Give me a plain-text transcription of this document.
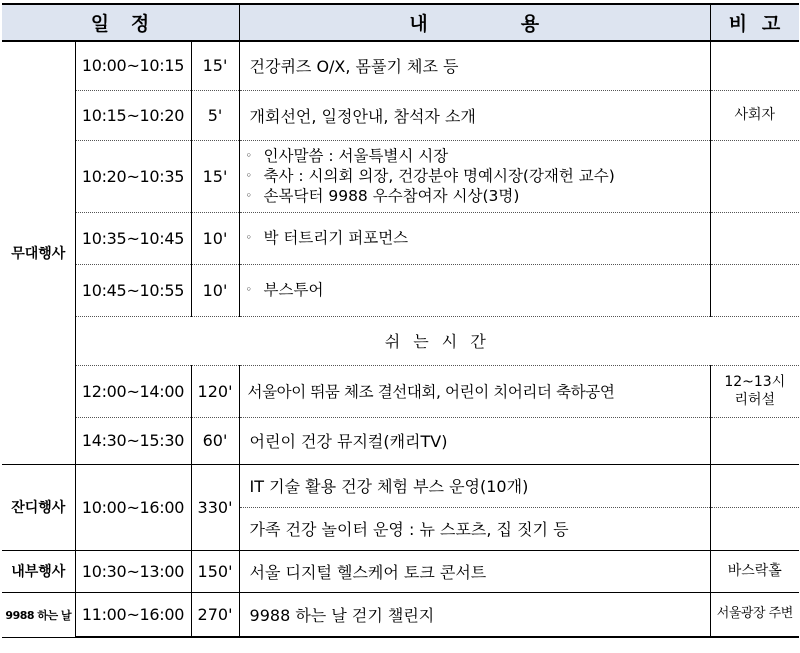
일   정			내             용	비  고
무대행사	10:00~10:15	15'	건강퀴즈 O/X, 몸풀기 체조 등	
	10:15~10:20	5'	개회선언, 일정안내, 참석자 소개	사회자
	10:20~10:35	15'	◦ 인사말씀 : 서울특별시 시장
◦ 축사 : 시의회 의장, 건강분야 명예시장(강재헌 교수)
◦ 손목닥터 9988 우수참여자 시상(3명)	

	10:35~10:45	10'	◦ 박 터트리기 퍼포먼스	

	10:45~10:55	10'	◦ 부스투어	

	쉬 는 시 간			
	12:00~14:00	120'	서울아이 뛰뭄 체조 결선대회, 어린이 치어리더 축하공연	12~13시
리허설

	14:30~15:30	60'	어린이 건강 뮤지컬(캐리TV)	
잔디행사	10:00~16:00	330'	IT 기술 활용 건강 체험 부스 운영(10개)	
			가족 건강 놀이터 운영 : 뉴 스포츠, 집 짓기 등	
내부행사	10:30~13:00	150'	서울 디지털 헬스케어 토크 콘서트	바스락홀
9988 하는 날	11:00~16:00	270'	9988 하는 날 걷기 챌린지	서울광장 주변
